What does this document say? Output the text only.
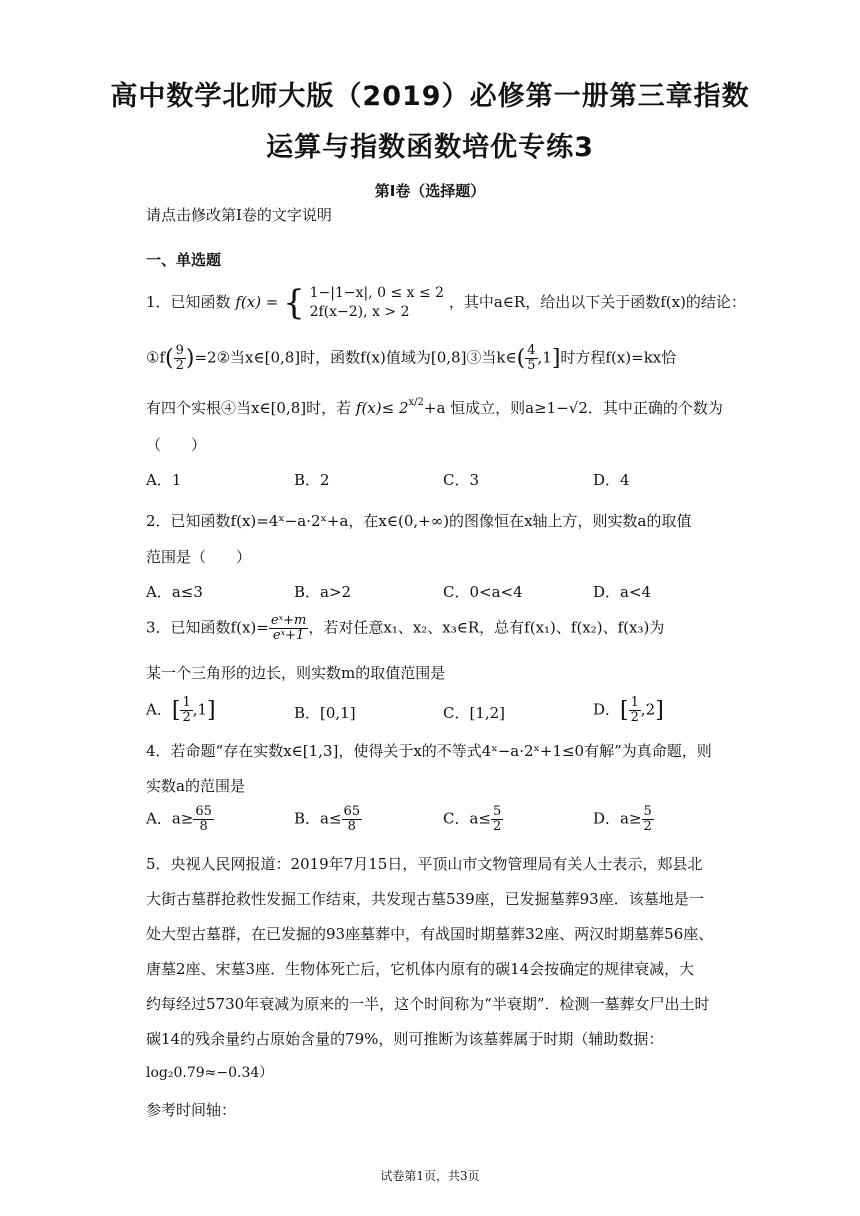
高中数学北师大版（2019）必修第一册第三章指数
运算与指数函数培优专练3
第I卷（选择题）
请点击修改第I卷的文字说明
一、单选题
1．已知函数 f(x) = { 1−|1−x|, 0 ≤ x ≤ 2
2f(x−2), x > 2
，其中a∈R，给出以下关于函数f(x)的结论：
①f( $\frac{9}{2}$ )=2②当x∈[0,8]时，函数f(x)值域为[0,8]③当k∈( $\frac{4}{5} ,1$]时方程f(x)=kx恰
有四个实根④当x∈[0,8]时，若 $f(x)\le 2^{x/2}+a$ 恒成立，则a≥1−√2．其中正确的个数为
（　　）
A．1	B．2	C．3	D．4
2．已知函数f(x)=4ˣ−a·2ˣ+a，在x∈(0,+∞)的图像恒在x轴上方，则实数a的取值
范围是（　　）
A．a≤3	B．a>2	C．0<a<4	D．a<4
3．已知函数$f(x)= \frac{\text{eˣ+m}}{\text{eˣ+1}}$ ，若对任意x₁、x₂、x₃∈R，总有f(x₁)、f(x₂)、f(x₃)为
某一个三角形的边长，则实数m的取值范围是
A．[ $\frac{1}{2} ,1$]	B．[0,1]	C．[1,2]	D．[ $\frac{1}{2} ,2$]
4．若命题“存在实数x∈[1,3]，使得关于x的不等式4ˣ−a·2ˣ+1≤0有解”为真命题，则
实数a的范围是
A．$a\ge \frac{65}{8}$	B．$a\le \frac{65}{8}$	C．$a\le \frac{5}{2}$	D．$a\ge \frac{5}{2}$
5．央视人民网报道：2019年7月15日，平顶山市文物管理局有关人士表示，郏县北
大街古墓群抢救性发掘工作结束，共发现古墓539座，已发掘墓葬93座．该墓地是一
处大型古墓群，在已发掘的93座墓葬中，有战国时期墓葬32座、两汉时期墓葬56座、
唐墓2座、宋墓3座．生物体死亡后，它机体内原有的碳14会按确定的规律衰减，大
约每经过5730年衰减为原来的一半，这个时间称为“半衰期”．检测一墓葬女尸出土时
碳14的残余量约占原始含量的79%，则可推断为该墓葬属于时期（辅助数据：
log₂0.79≈−0.34）
参考时间轴：
试卷第1页，共3页
